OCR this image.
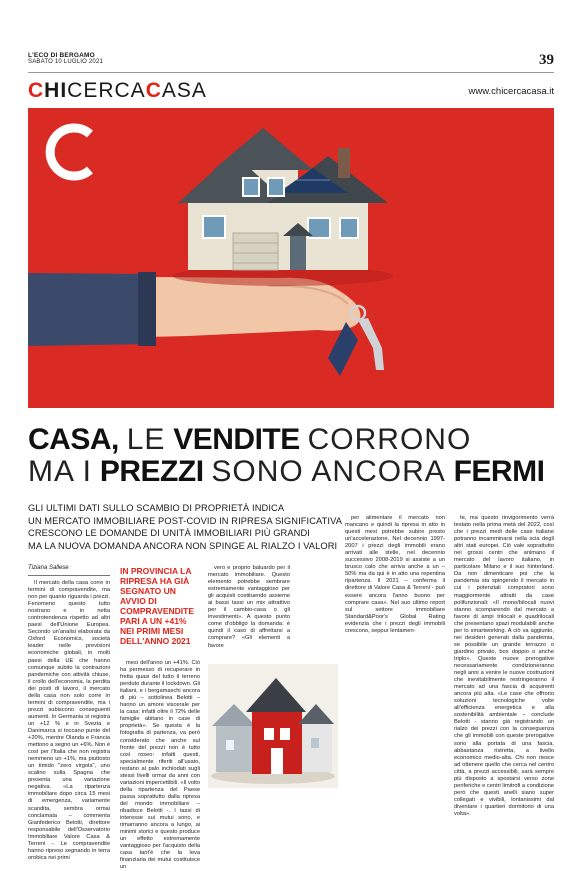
L'ECO DI BERGAMO
SABATO 10 LUGLIO 2021	39
CHICERCACASA	www.chicercacasa.it
CASA, LE VENDITE CORRONO
MA I PREZZI SONO ANCORA FERMI
GLI ULTIMI DATI SULLO SCAMBIO DI PROPRIETÀ INDICA
UN MERCATO IMMOBILIARE POST-COVID IN RIPRESA SIGNIFICATIVA
CRESCONO LE DOMANDE DI UNITÀ IMMOBILIARI PIÙ GRANDI
MA LA NUOVA DOMANDA ANCORA NON SPINGE AL RIALZO I VALORI
Tiziana Sallese	IN PROVINCIA LA RIPRESA HA GIÀ SEGNATO UN AVVIO DI COMPRAVENDITE PARI A UN +41% NEI PRIMI MESI DELL'ANNO 2021

Il mercato della casa corre in termini di compravendite, ma non per quanto riguarda i prezzi. Fenomeno questo tutto nostrano e in netta controtendenza rispetto ad altri paesi dell'Unione Europea. Secondo un'analisi elaborata da Oxford Economics, società leader nelle previsioni economiche globali, in molti paesi della UE che hanno comunque subito la contrazioni pandemiche con attività chiuse, il crollo dell'economia, la perdita dei posti di lavoro, il mercato della casa non solo corre in termini di compravendite, ma i prezzi subiscono conseguenti aumenti. In Germania si registra un +12 % e in Svezia e Danimarca si toccano punte del +20%, mentre Olanda e Francia mettono a segno un +6%. Non è così per l'Italia che non registra nemmeno un +1%, ma piuttosto un timido "zero virgola", uno scalino sulla Spagna che presenta una variazione negativa. «La ripartenza immobiliare dopo circa 15 mesi di emergenza, variamente scandita, sembra ormai conclamata – commenta Gianfederico Belotti, direttore responsabile dell'Osservatorio Immobiliare Valore Casa & Terreni -. Le compravendite hanno ripreso segnando in terra orobica nei primi

mesi dell'anno un +41%. Ciò ha permesso di recuperare in fretta quasi del tutto il terreno perduto durante il lockdown. Gli italiani, e i bergamaschi ancora di più – sottolinea Belotti – hanno un amore viscerale per la casa: infatti oltre il 72% delle famiglie abitano in case di proprietà». Se questa è la fotografia di partenza, va però considerato che anche sul fronte del prezzi non è tutto così roseo: infatti questi, specialmente riferiti all'usato, restano al palo inchiodati sugli stessi livelli ormai da anni con variazioni impercettibili. «Il volto della ripartenza del Paese passa soprattutto dalla ripresa del mondo immobiliare – ribadisce Belotti -. I tassi di interesse sui mutui sono, e rimarranno ancora a lungo, ai minimi storici e questo produce un effetto estremamente vantaggioso per l'acquisto della casa tant'è che la leva finanziaria dei mutui costituisce un

vero e proprio baluardo per il mercato immobiliare. Questo elemento potrebbe sembrare estremamente vantaggioso per gli acquisti costituendo assieme ai bassi tassi un mix attrattivo per il cambio-casa o gli investimenti». A questo punto come d'obbligo la domanda: è quindi il caso di affrettarsi a comprare? «Gli elementi a favore

per alimentare il mercato non mancano e quindi la ripresa in atto in questi mesi potrebbe subire presto un'accelerazione. Nel decennio 1997-2007 i prezzi degli immobili erano arrivati alle stelle, nel decennio successivo 2008-2019 si assiste a un brusco calo che arriva anche a un – 50% ma da qui è in atto una repentina ripartenza. Il 2021 – conferma il direttore di Valore Casa & Terreni - può essere ancora l'anno buono per comprare casa». Nel suo ultimo report sul settore immobiliare Standard&Poor's Global Rating evidenzia che i prezzi degli immobili crescono, seppur lentamen-

te, ma questo rinvigorimento verrà testato nella prima metà del 2022, così che i prezzi medi delle case italiane potranno incamminarsi nella scia degli altri stati europei. Ciò vale soprattutto nei grossi centri che animano il mercato del lavoro italiano, in particolare Milano e il suo hinterland. Da non dimenticare poi che la pandemia sta spingendo il mercato in cui i potenziali compratori sono maggiormente attratti da case polifunzionali: «Il mono/bilocali nuovi stanno scomparendo dal mercato a favore di ampi trilocali e quadrilocali che presentano spazi modulabili anche per lo smartworking. A ciò va aggiunto, nei desideri generati dalla pandemia, se possibile un grande terrazzo o giardino privato, box doppio o anche triplo». Queste nuove prerogative necessariamente condizioneranno negli anni a venire le nuove costruzioni che inevitabilmente restringeranno il mercato ad una fascia di acquirenti ancora più alta. «Le case che offrono soluzioni tecnologiche volte all'efficienza energetica e alla sostenibilità ambientale – conclude Belotti - stanno già registrando un rialzo dei prezzi con la conseguenza che gli immobili con queste prerogative sono alla portata di una fascia, abbastanza ristretta, a livello economico medio-alta. Chi non riesce ad ottenere quello che cerca nel centro città, a prezzi accessibili, sarà sempre più disposto a spostarsi verso zone periferiche e centri limitrofi a condizione però che questi anelli siano super collegati e vivibili, lontanissimi dal diventare i quartieri dormitorio di una volta».
